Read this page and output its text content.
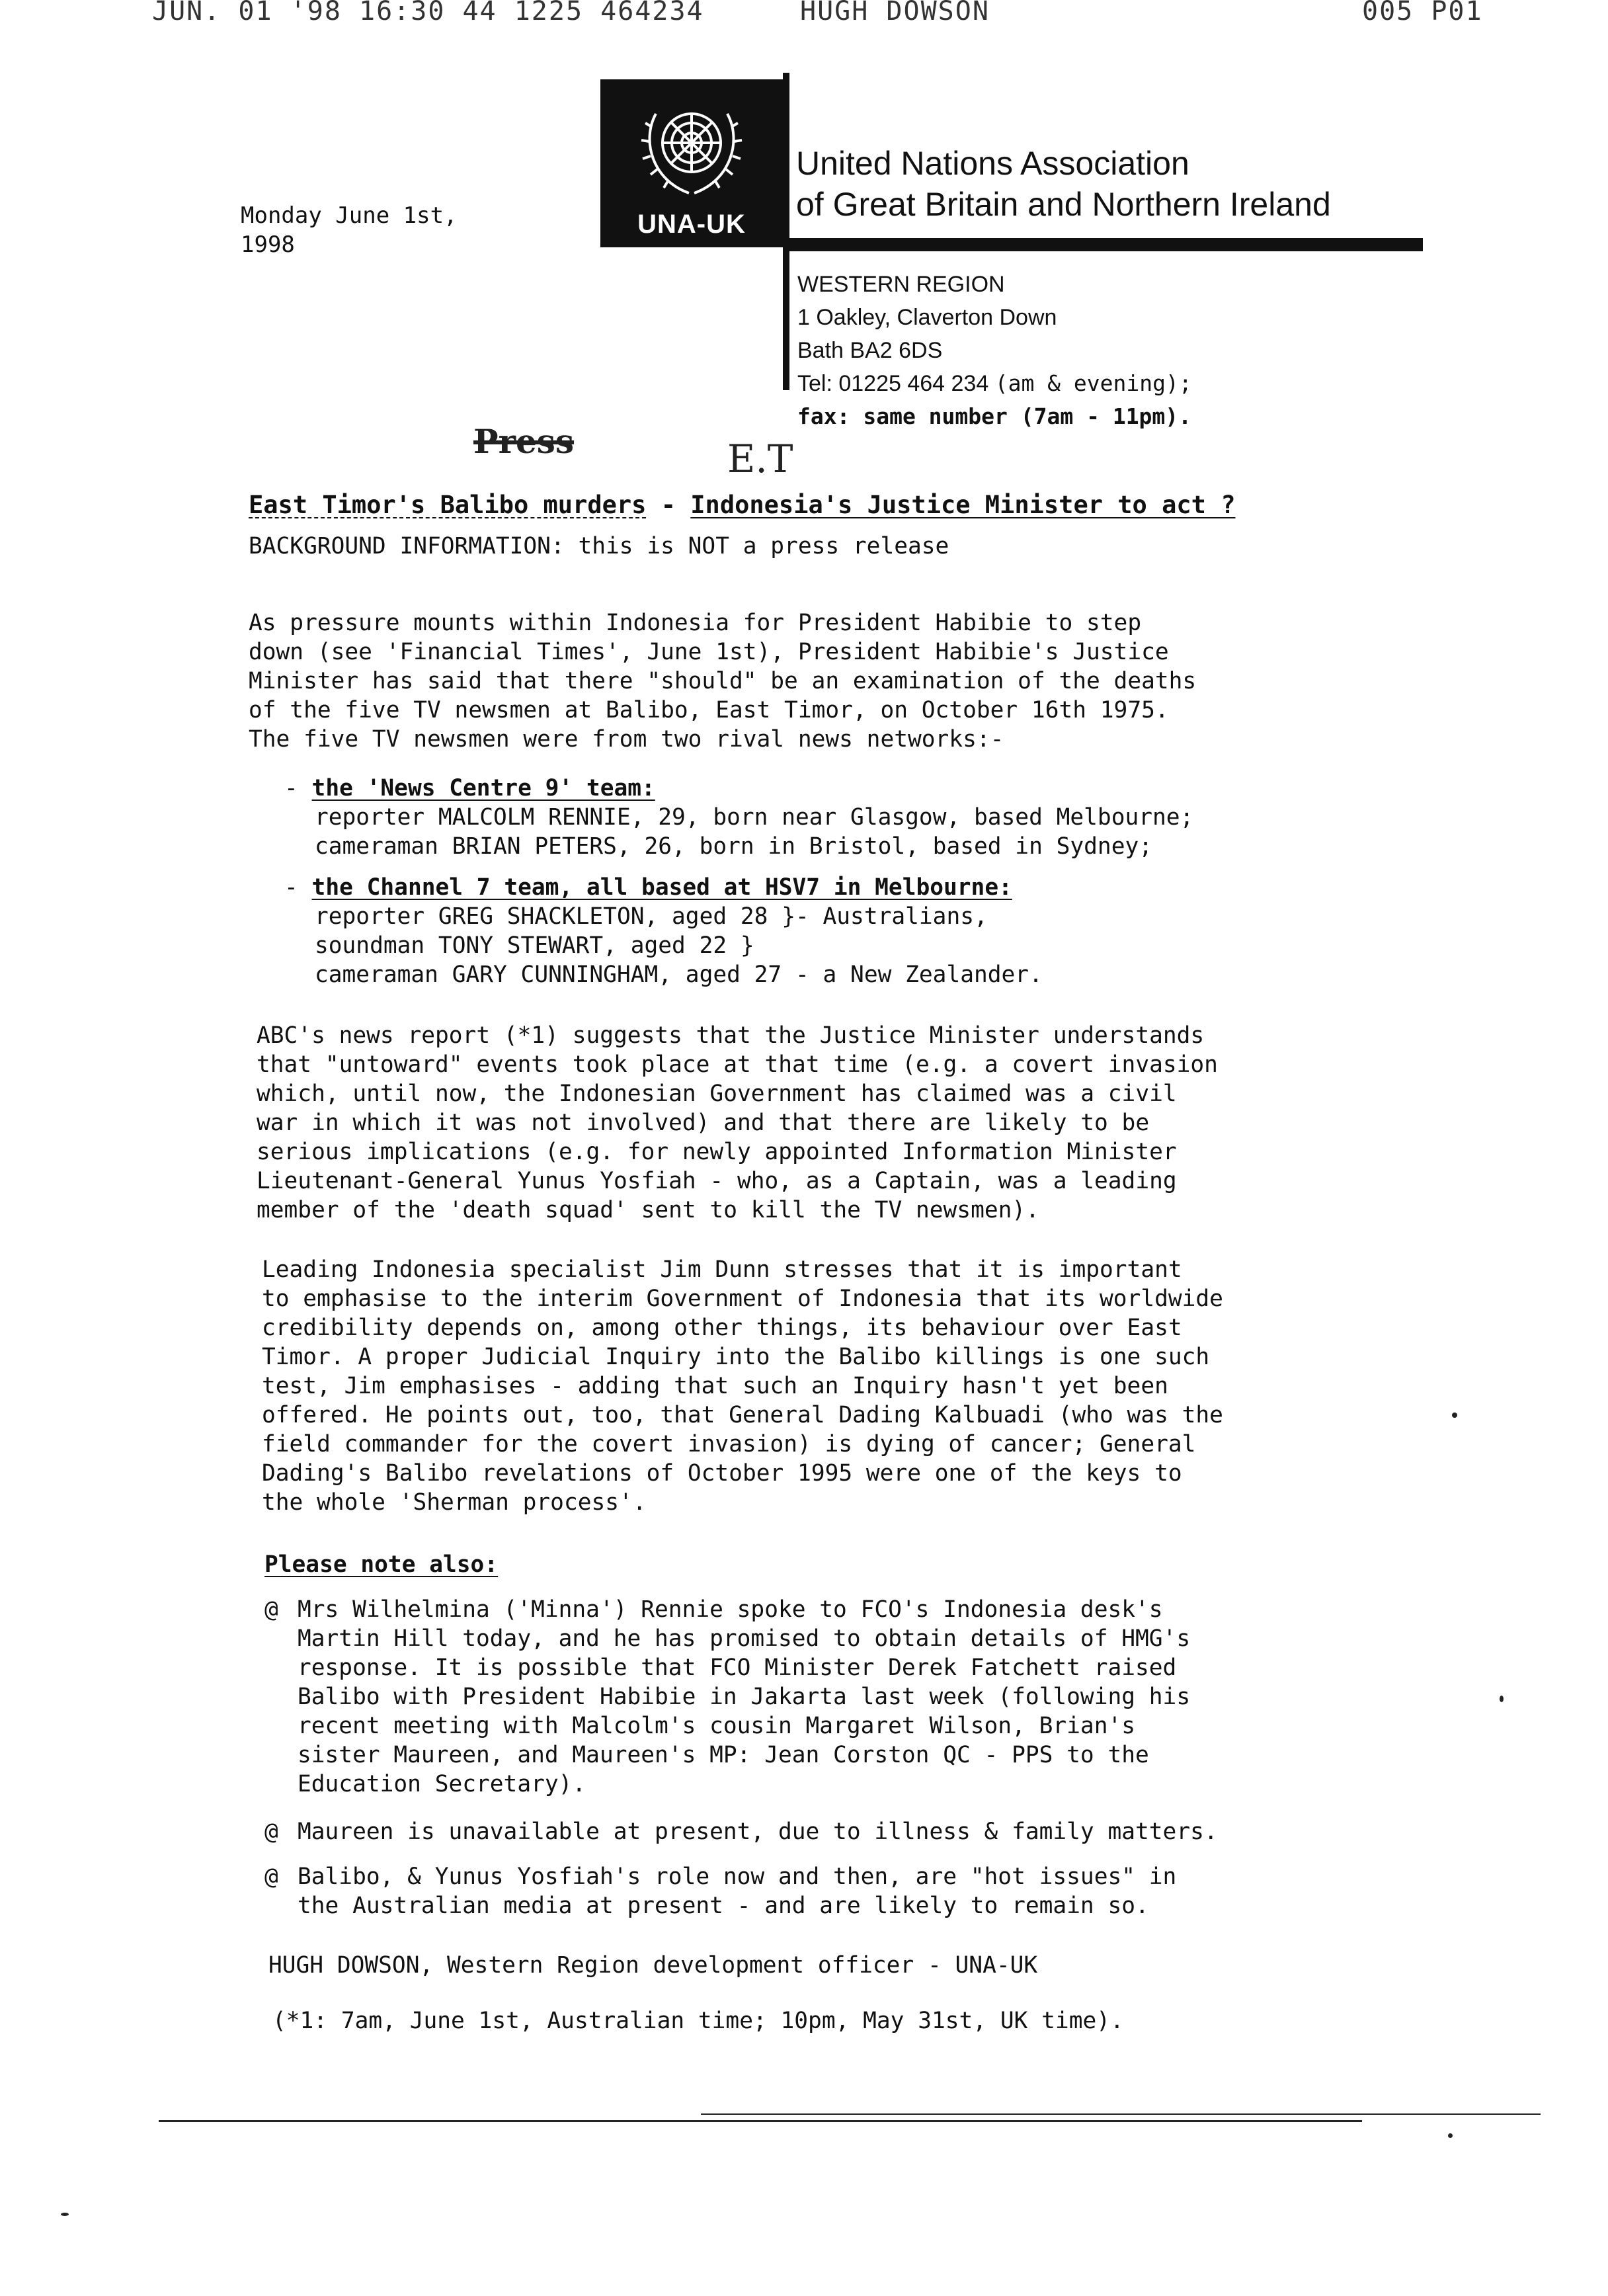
JUN. 01 '98 16:30 44 1225 464234	HUGH DOWSON	005 P01
UNA-UK
United Nations Association
of Great Britain and Northern Ireland
WESTERN REGION
1 Oakley, Claverton Down
Bath BA2 6DS
Tel: 01225 464 234 (am & evening);
fax: same number (7am - 11pm).
Monday June 1st,
1998
Press	E.T
East Timor's Balibo murders - Indonesia's Justice Minister to act ?
BACKGROUND INFORMATION: this is NOT a press release
As pressure mounts within Indonesia for President Habibie to step
down (see 'Financial Times', June 1st), President Habibie's Justice
Minister has said that there "should" be an examination of the deaths
of the five TV newsmen at Balibo, East Timor, on October 16th 1975.
The five TV newsmen were from two rival news networks:-
- the 'News Centre 9' team:
reporter MALCOLM RENNIE, 29, born near Glasgow, based Melbourne;
cameraman BRIAN PETERS, 26, born in Bristol, based in Sydney;
- the Channel 7 team, all based at HSV7 in Melbourne:
reporter GREG SHACKLETON, aged 28 }- Australians,
soundman TONY STEWART, aged 22 }
cameraman GARY CUNNINGHAM, aged 27 - a New Zealander.
ABC's news report (*1) suggests that the Justice Minister understands
that "untoward" events took place at that time (e.g. a covert invasion
which, until now, the Indonesian Government has claimed was a civil
war in which it was not involved) and that there are likely to be
serious implications (e.g. for newly appointed Information Minister
Lieutenant-General Yunus Yosfiah - who, as a Captain, was a leading
member of the 'death squad' sent to kill the TV newsmen).
Leading Indonesia specialist Jim Dunn stresses that it is important
to emphasise to the interim Government of Indonesia that its worldwide
credibility depends on, among other things, its behaviour over East
Timor. A proper Judicial Inquiry into the Balibo killings is one such
test, Jim emphasises - adding that such an Inquiry hasn't yet been
offered. He points out, too, that General Dading Kalbuadi (who was the
field commander for the covert invasion) is dying of cancer; General
Dading's Balibo revelations of October 1995 were one of the keys to
the whole 'Sherman process'.
Please note also:
@ Mrs Wilhelmina ('Minna') Rennie spoke to FCO's Indonesia desk's
Martin Hill today, and he has promised to obtain details of HMG's
response. It is possible that FCO Minister Derek Fatchett raised
Balibo with President Habibie in Jakarta last week (following his
recent meeting with Malcolm's cousin Margaret Wilson, Brian's
sister Maureen, and Maureen's MP: Jean Corston QC - PPS to the
Education Secretary).
@ Maureen is unavailable at present, due to illness & family matters.
@ Balibo, & Yunus Yosfiah's role now and then, are "hot issues" in
the Australian media at present - and are likely to remain so.
HUGH DOWSON, Western Region development officer - UNA-UK
(*1: 7am, June 1st, Australian time; 10pm, May 31st, UK time).
